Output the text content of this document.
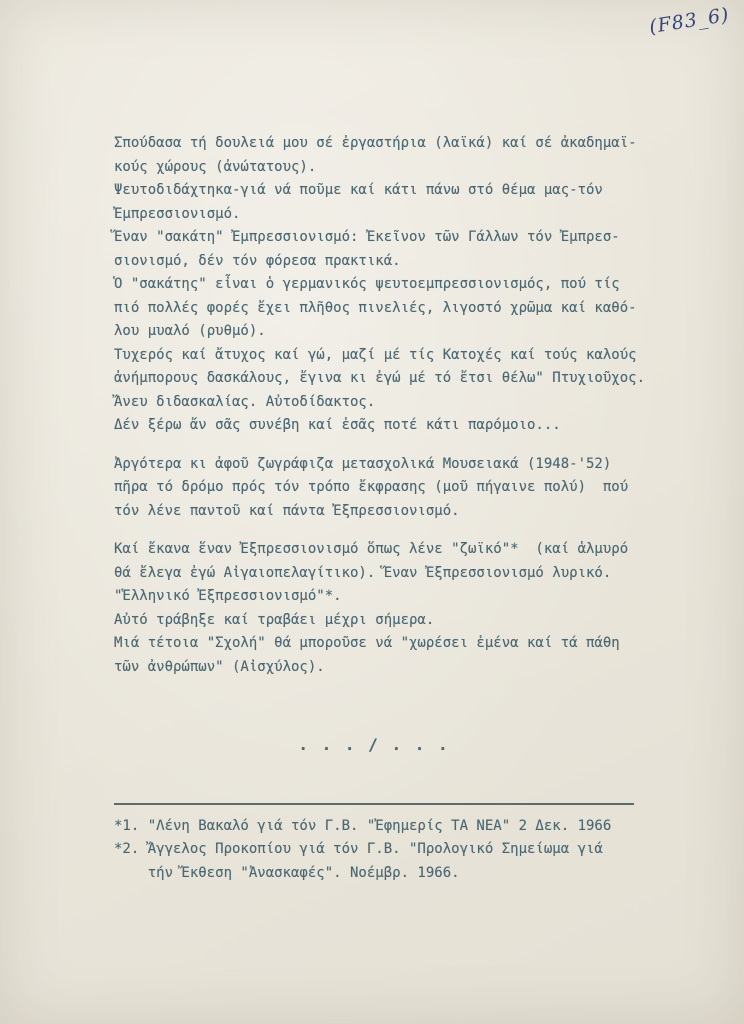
(F83_6)
Σπούδασα τή δουλειά μου σέ ἐργαστήρια (λαϊκά) καί σέ ἀκαδημαϊ-
κούς χώρους (ἀνώτατους).
Ψευτοδιδάχτηκα-γιά νά ποῦμε καί κάτι πάνω στό θέμα μας-τόν
Ἐμπρεσσιονισμό.
Ἕναν "σακάτη" Ἐμπρεσσιονισμό: Ἐκεῖνον τῶν Γάλλων τόν Ἐμπρεσ-
σιονισμό, δέν τόν φόρεσα πρακτικά.
Ὁ "σακάτης" εἶναι ὁ γερμανικός ψευτοεμπρεσσιονισμός, πού τίς
πιό πολλές φορές ἔχει πλῆθος πινελιές, λιγοστό χρῶμα καί καθό-
λου μυαλό (ρυθμό).
Τυχερός καί ἄτυχος καί γώ, μαζί μέ τίς Κατοχές καί τούς καλούς
ἀνήμπορους δασκάλους, ἔγινα κι ἐγώ μέ τό ἔτσι θέλω" Πτυχιοῦχος.
Ἄνευ διδασκαλίας. Αὐτοδίδακτος.
Δέν ξέρω ἄν σᾶς συνέβη καί ἐσᾶς ποτέ κάτι παρόμοιο...
Ἀργότερα κι ἀφοῦ ζωγράφιζα μετασχολικά Μουσειακά (1948-'52)
πῆρα τό δρόμο πρός τόν τρόπο ἔκφρασης (μοῦ πήγαινε πολύ)  πού
τόν λένε παντοῦ καί πάντα Ἐξπρεσσιονισμό.
Καί ἔκανα ἕναν Ἐξπρεσσιονισμό ὅπως λένε "ζωϊκό"*  (καί ἁλμυρό
θά ἔλεγα ἐγώ Αἰγαιοπελαγίτικο). Ἕναν Ἐξπρεσσιονισμό λυρικό.
"Ἑλληνικό Ἐξπρεσσιονισμό"*.
Αὐτό τράβηξε καί τραβάει μέχρι σήμερα.
Μιά τέτοια "Σχολή" θά μποροῦσε νά "χωρέσει ἐμένα καί τά πάθη
τῶν ἀνθρώπων" (Αἰσχύλος).
. . . / . . .
*1. "Λένη Βακαλό γιά τόν Γ.Β. "Ἐφημερίς ΤΑ ΝΕΑ" 2 Δεκ. 1966
*2. Ἄγγελος Προκοπίου γιά τόν Γ.Β. "Προλογικό Σημείωμα γιά
τήν Ἔκθεση "Ἀνασκαφές". Νοέμβρ. 1966.
